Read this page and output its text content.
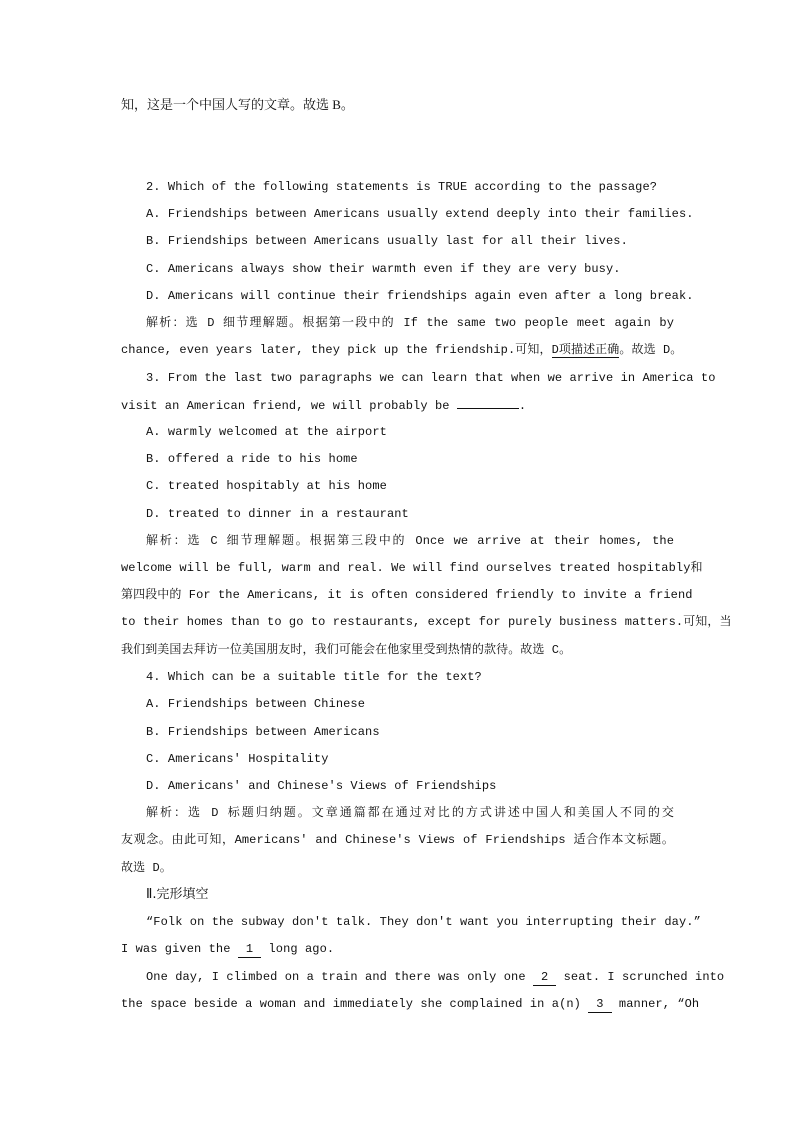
知，这是一个中国人写的文章。故选 B。
2. Which of the following statements is TRUE according to the passage?
A. Friendships between Americans usually extend deeply into their families.
B. Friendships between Americans usually last for all their lives.
C. Americans always show their warmth even if they are very busy.
D. Americans will continue their friendships again even after a long break.
解析：选 D 细节理解题。根据第一段中的 If the same two people meet again by
chance, even years later, they pick up the friendship.可知，D项描述正确。故选 D。
3. From the last two paragraphs we can learn that when we arrive in America to
visit an American friend, we will probably be	.
A. warmly welcomed at the airport
B. offered a ride to his home
C. treated hospitably at his home
D. treated to dinner in a restaurant
解析：选 C 细节理解题。根据第三段中的 Once we arrive at their homes, the
welcome will be full, warm and real. We will find ourselves treated hospitably和
第四段中的 For the Americans, it is often considered friendly to invite a friend
to their homes than to go to restaurants, except for purely business matters.可知，当
我们到美国去拜访一位美国朋友时，我们可能会在他家里受到热情的款待。故选 C。
4. Which can be a suitable title for the text?
A. Friendships between Chinese
B. Friendships between Americans
C. Americans' Hospitality
D. Americans' and Chinese's Views of Friendships
解析：选 D 标题归纳题。文章通篇都在通过对比的方式讲述中国人和美国人不同的交
友观念。由此可知，Americans' and Chinese's Views of Friendships 适合作本文标题。
故选 D。
Ⅱ.完形填空
“Folk on the subway don't talk. They don't want you interrupting their day.”
I was given the 1 long ago.
One day, I climbed on a train and there was only one 2 seat. I scrunched into
the space beside a woman and immediately she complained in a(n) 3 manner, “Oh
